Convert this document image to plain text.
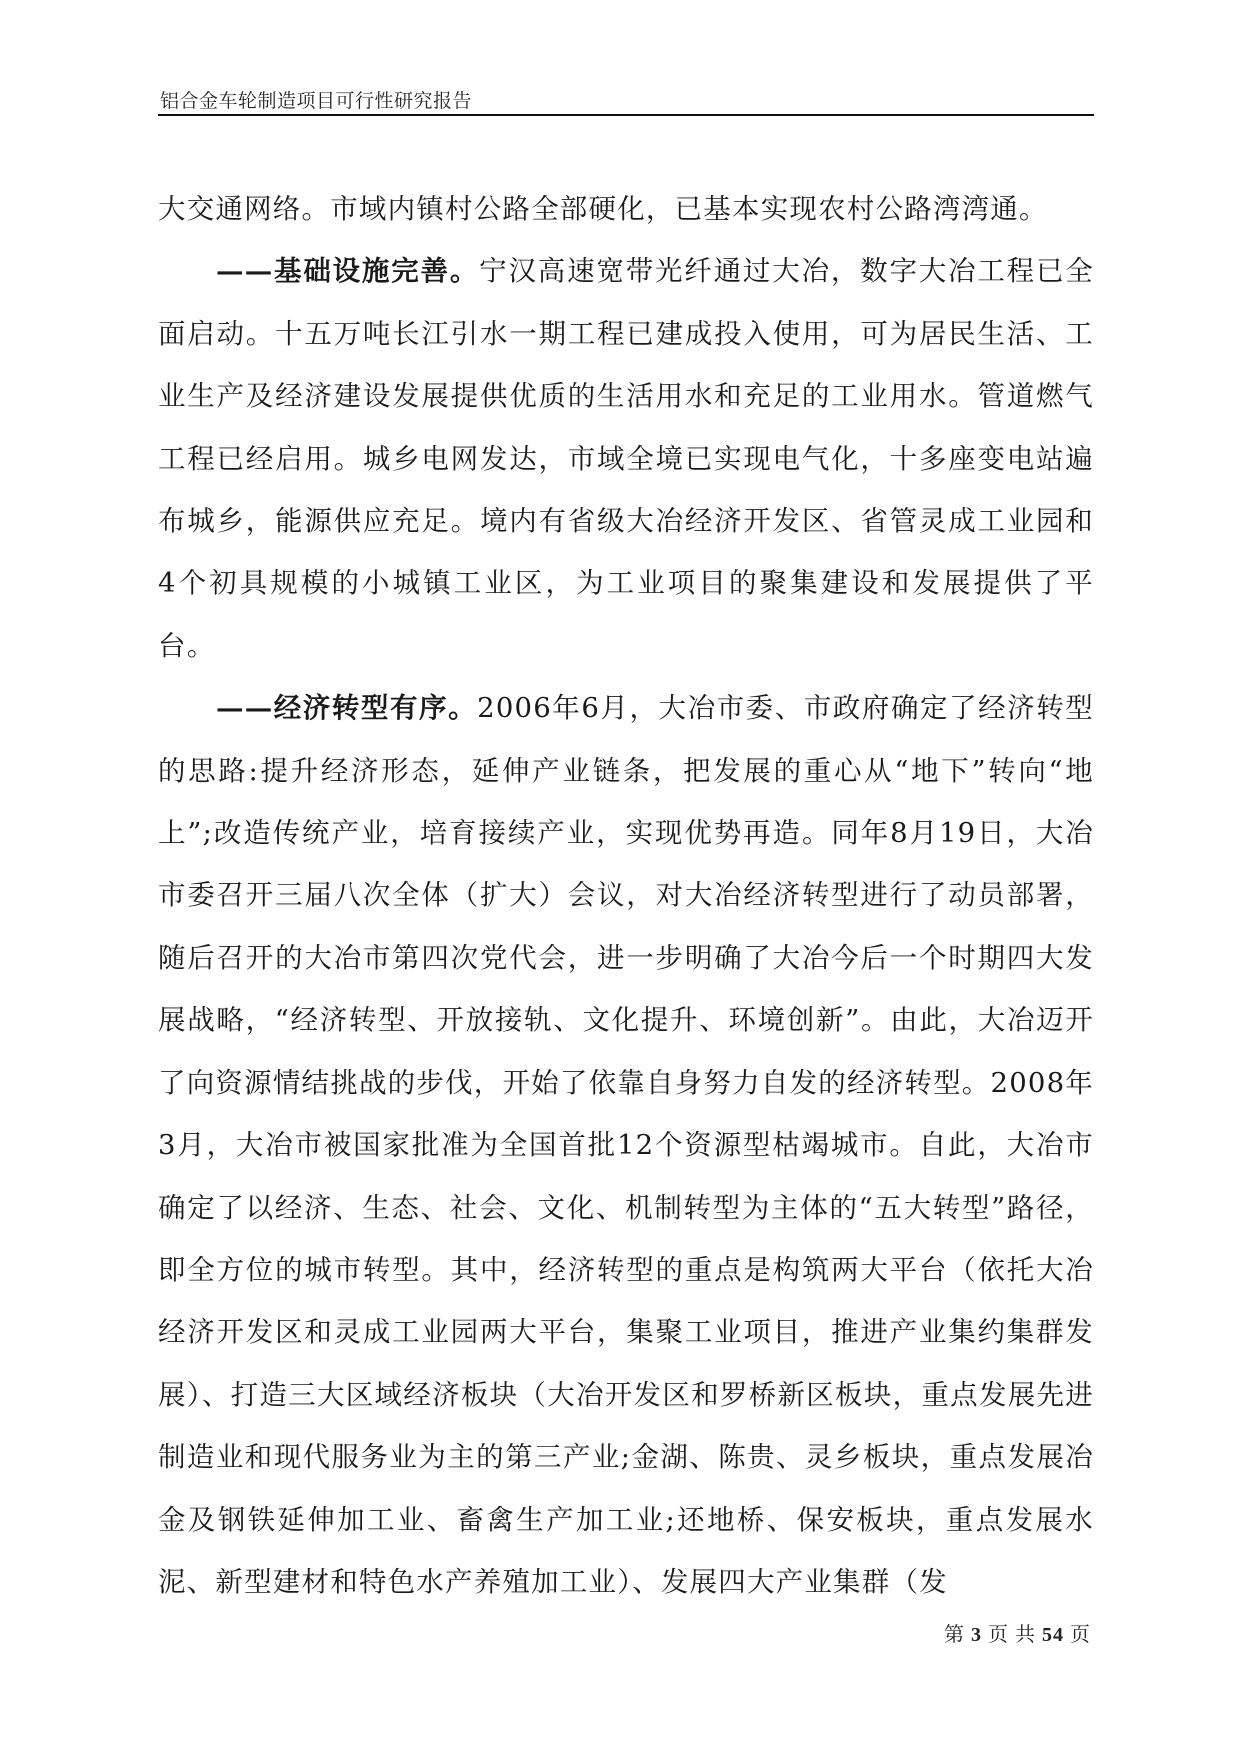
铝合金车轮制造项目可行性研究报告

大交通网络。市域内镇村公路全部硬化，已基本实现农村公路湾湾通。

——基础设施完善。宁汉高速宽带光纤通过大冶，数字大冶工程已全面启动。十五万吨长江引水一期工程已建成投入使用，可为居民生活、工业生产及经济建设发展提供优质的生活用水和充足的工业用水。管道燃气工程已经启用。城乡电网发达，市域全境已实现电气化，十多座变电站遍布城乡，能源供应充足。境内有省级大冶经济开发区、省管灵成工业园和4个初具规模的小城镇工业区，为工业项目的聚集建设和发展提供了平台。

——经济转型有序。2006年6月，大冶市委、市政府确定了经济转型的思路:提升经济形态，延伸产业链条，把发展的重心从“地下”转向“地上”;改造传统产业，培育接续产业，实现优势再造。同年8月19日，大冶市委召开三届八次全体（扩大）会议，对大冶经济转型进行了动员部署，随后召开的大冶市第四次党代会，进一步明确了大冶今后一个时期四大发展战略，“经济转型、开放接轨、文化提升、环境创新”。由此，大冶迈开了向资源情结挑战的步伐，开始了依靠自身努力自发的经济转型。2008年3月，大冶市被国家批准为全国首批12个资源型枯竭城市。自此，大冶市确定了以经济、生态、社会、文化、机制转型为主体的“五大转型”路径，即全方位的城市转型。其中，经济转型的重点是构筑两大平台（依托大冶经济开发区和灵成工业园两大平台，集聚工业项目，推进产业集约集群发展）、打造三大区域经济板块（大冶开发区和罗桥新区板块，重点发展先进制造业和现代服务业为主的第三产业;金湖、陈贵、灵乡板块，重点发展冶金及钢铁延伸加工业、畜禽生产加工业;还地桥、保安板块，重点发展水泥、新型建材和特色水产养殖加工业）、发展四大产业集群（发

第 3 页 共 54 页
